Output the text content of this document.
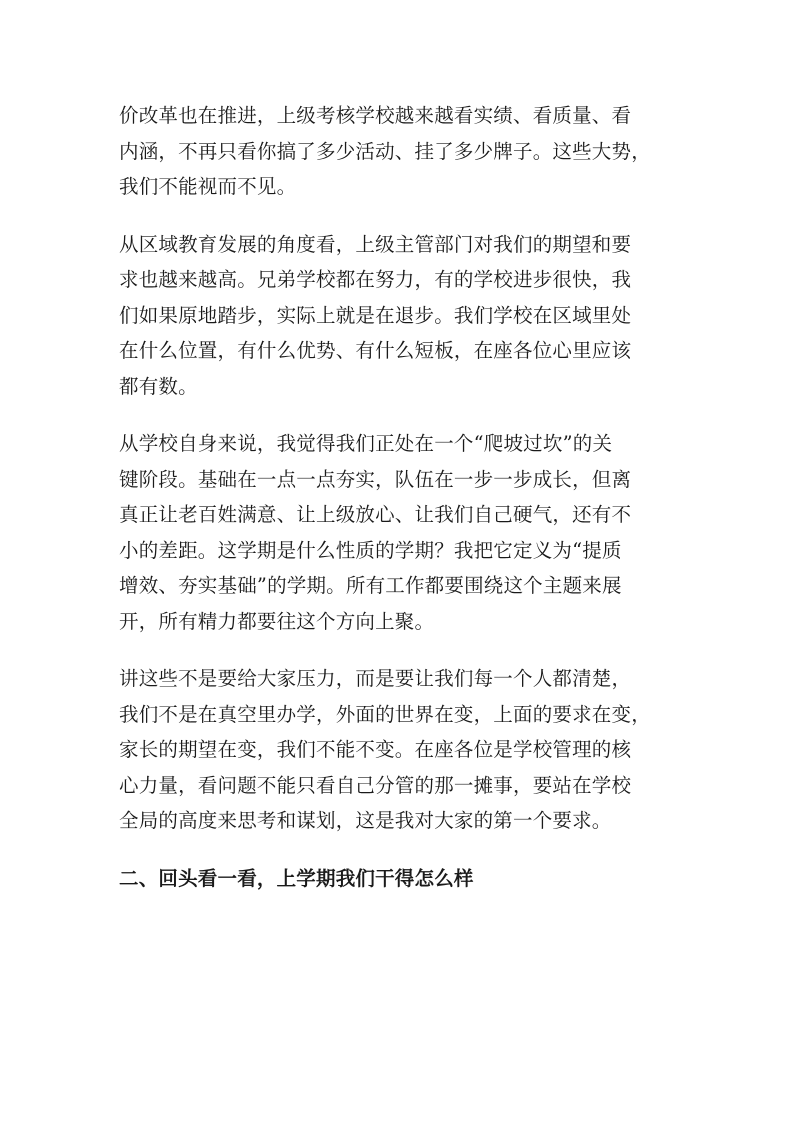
价改革也在推进，上级考核学校越来越看实绩、看质量、看
内涵，不再只看你搞了多少活动、挂了多少牌子。这些大势，
我们不能视而不见。

从区域教育发展的角度看，上级主管部门对我们的期望和要
求也越来越高。兄弟学校都在努力，有的学校进步很快，我
们如果原地踏步，实际上就是在退步。我们学校在区域里处
在什么位置，有什么优势、有什么短板，在座各位心里应该
都有数。

从学校自身来说，我觉得我们正处在一个“爬坡过坎”的关
键阶段。基础在一点一点夯实，队伍在一步一步成长，但离
真正让老百姓满意、让上级放心、让我们自己硬气，还有不
小的差距。这学期是什么性质的学期？我把它定义为“提质
增效、夯实基础”的学期。所有工作都要围绕这个主题来展
开，所有精力都要往这个方向上聚。

讲这些不是要给大家压力，而是要让我们每一个人都清楚，
我们不是在真空里办学，外面的世界在变，上面的要求在变，
家长的期望在变，我们不能不变。在座各位是学校管理的核
心力量，看问题不能只看自己分管的那一摊事，要站在学校
全局的高度来思考和谋划，这是我对大家的第一个要求。

二、回头看一看，上学期我们干得怎么样
